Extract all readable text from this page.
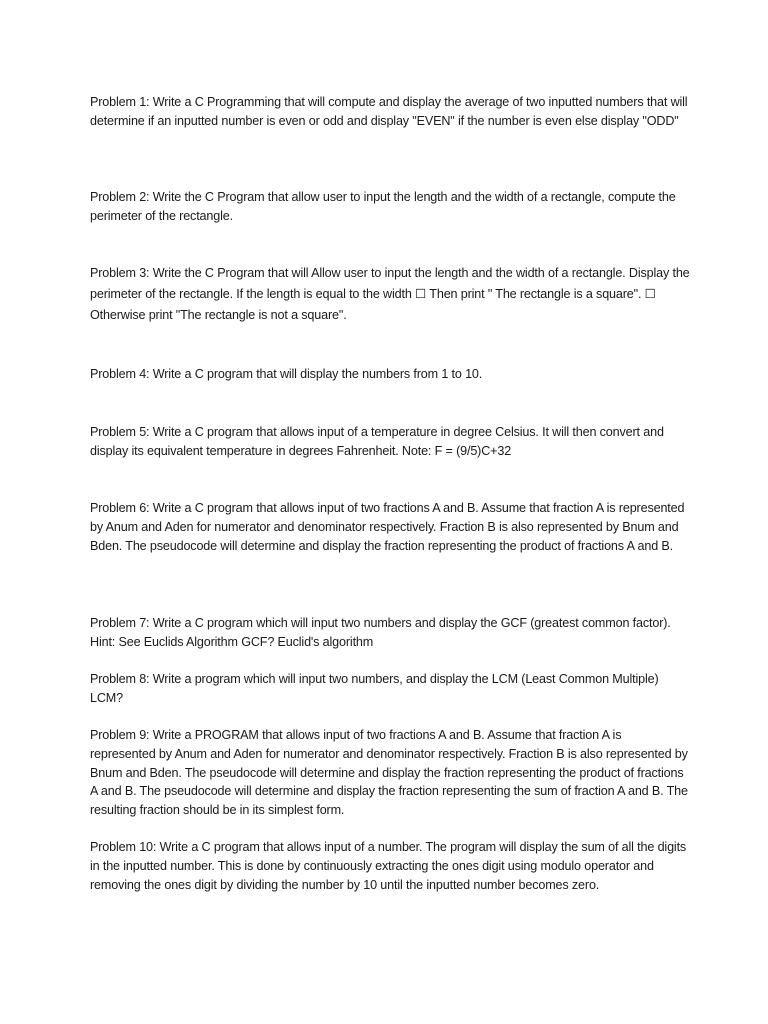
Problem 1: Write a C Programming that will compute and display the average of two inputted numbers that will determine if an inputted number is even or odd and display "EVEN" if the number is even else display "ODD"

Problem 2: Write the C Program that allow user to input the length and the width of a rectangle, compute the perimeter of the rectangle.

Problem 3: Write the C Program that will Allow user to input the length and the width of a rectangle. Display the perimeter of the rectangle. If the length is equal to the width ☐ Then print " The rectangle is a square". ☐ Otherwise print "The rectangle is not a square".

Problem 4: Write a C program that will display the numbers from 1 to 10.

Problem 5: Write a C program that allows input of a temperature in degree Celsius. It will then convert and display its equivalent temperature in degrees Fahrenheit. Note: F = (9/5)C+32

Problem 6: Write a C program that allows input of two fractions A and B. Assume that fraction A is represented by Anum and Aden for numerator and denominator respectively. Fraction B is also represented by Bnum and Bden. The pseudocode will determine and display the fraction representing the product of fractions A and B.

Problem 7: Write a C program which will input two numbers and display the GCF (greatest common factor). Hint: See Euclids Algorithm GCF? Euclid's algorithm

Problem 8: Write a program which will input two numbers, and display the LCM (Least Common Multiple) LCM?

Problem 9: Write a PROGRAM that allows input of two fractions A and B. Assume that fraction A is represented by Anum and Aden for numerator and denominator respectively. Fraction B is also represented by Bnum and Bden. The pseudocode will determine and display the fraction representing the product of fractions A and B. The pseudocode will determine and display the fraction representing the sum of fraction A and B. The resulting fraction should be in its simplest form.

Problem 10: Write a C program that allows input of a number. The program will display the sum of all the digits in the inputted number. This is done by continuously extracting the ones digit using modulo operator and removing the ones digit by dividing the number by 10 until the inputted number becomes zero.
